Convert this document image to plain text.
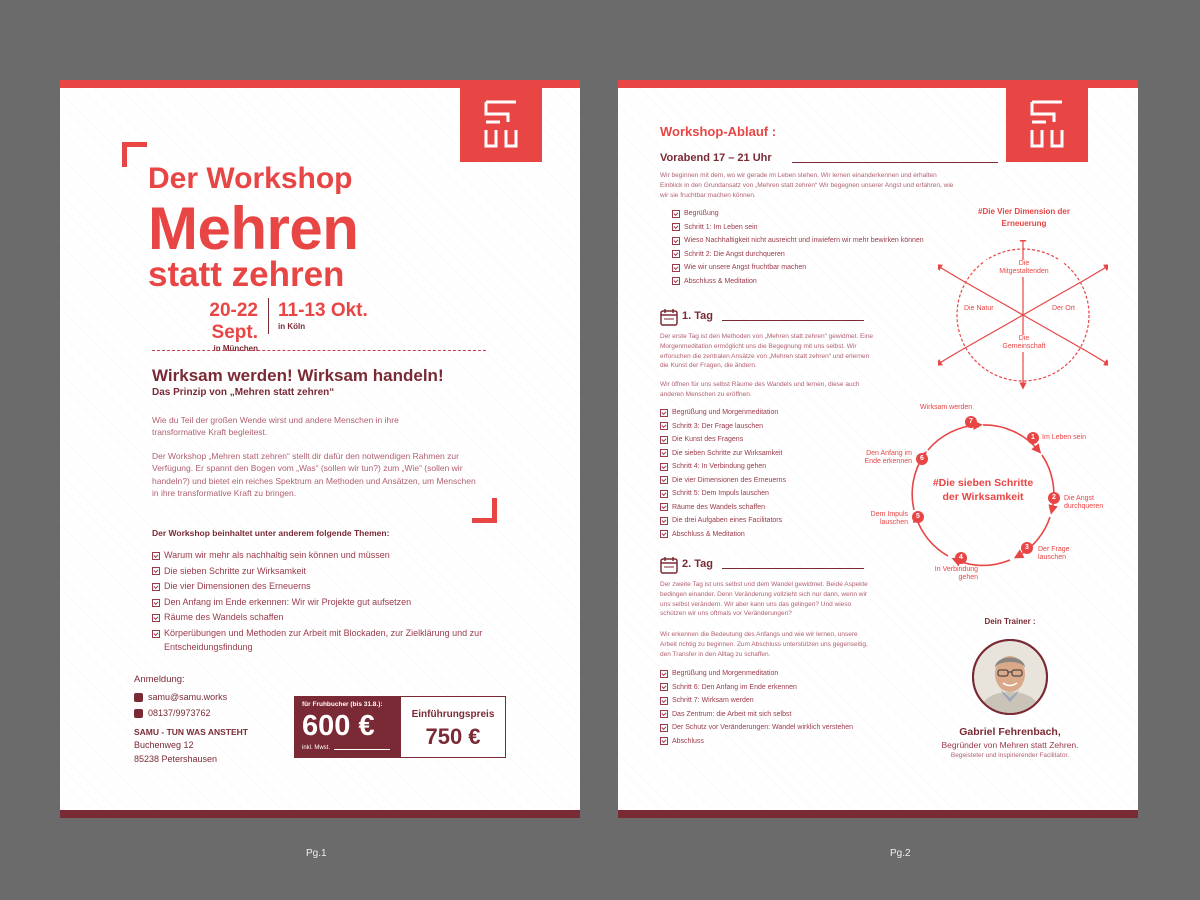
Der Workshop
Mehren
statt zehren
20-22 Sept.
in München
11-13 Okt.
in Köln
Wirksam werden! Wirksam handeln!
Das Prinzip von „Mehren statt zehren“
Wie du Teil der großen Wende wirst und andere Menschen in ihre transformative Kraft begleitest.
Der Workshop „Mehren statt zehren“ stellt dir dafür den notwendigen Rahmen zur Verfügung. Er spannt den Bogen vom „Was“ (sollen wir tun?) zum „Wie“ (sollen wir handeln?) und bietet ein reiches Spektrum an Methoden und Ansätzen, um Menschen in ihre transformative Kraft zu bringen.
Der Workshop beinhaltet unter anderem folgende Themen:
Warum wir mehr als nachhaltig sein können und müssen
Die sieben Schritte zur Wirksamkeit
Die vier Dimensionen des Erneuerns
Den Anfang im Ende erkennen: Wir wir Projekte gut aufsetzen
Räume des Wandels schaffen
Körperübungen und Methoden zur Arbeit mit Blockaden, zur Zielklärung und zur
Entscheidungsfindung
Anmeldung:
samu@samu.works
08137/9973762
SAMU - TUN WAS ANSTEHT
Buchenweg 12
85238 Petershausen
für Fruhbucher (bis 31.8.):
600 €
inkl. Mwst.
Einführungspreis
750 €
Workshop-Ablauf :
Vorabend 17 – 21 Uhr
Wir beginnen mit dem, wo wir gerade im Leben stehen. Wir lernen einanderkennen und erhalten Einblick in den Grundansatz von „Mehren statt zehren“ Wir begegnen unserer Angst und erfahren, wie wir sie fruchtbar machen können.
Begrüßung
Schritt 1: Im Leben sein
Wieso Nachhaltigkeit nicht ausreicht und inwiefern wir mehr bewirken können
Schritt 2: Die Angst durchqueren
Wie wir unsere Angst fruchtbar machen
Abschluss & Meditation
1. Tag
Der erste Tag ist den Methoden von „Mehren statt zehren“ gewidmet. Eine Morgenmeditation ermöglicht uns die Begegnung mit uns selbst. Wir erforschen die zentralen Ansätze von „Mehren statt zehren“ und erlernen die Kunst der Fragen, die ändern.
Wir öffnen für uns selbst Räume des Wandels und lernen, diese auch anderen Menschen zu eröffnen.
Begrüßung und Morgenmeditation
Schritt 3: Der Frage lauschen
Die Kunst des Fragens
Die sieben Schritte zur Wirksamkeit
Schritt 4: In Verbindung gehen
Die vier Dimensionen des Erneuerns
Schritt 5: Dem Impuls lauschen
Räume des Wandels schaffen
Die drei Aufgaben eines Facilitators
Abschluss & Meditation
2. Tag
Der zweite Tag ist uns selbst und dem Wandel gewidmet. Beide Aspekte bedingen einander. Denn Veränderung vollzieht sich nur dann, wenn wir uns selbst verändern. Wir aber kann uns das gelingen? Und wieso schützen wir uns oftmals vor Veränderungen?
Wir erkennen die Bedeutung des Anfangs und wie wir lernen, unsere Arbeit richtig zu beginnen. Zum Abschluss unterstützen uns gegenseitig, den Transfer in den Alltag zu schaffen.
Begrüßung und Morgenmeditation
Schritt 6: Den Anfang im Ende erkennen
Schritt 7: Wirksam werden
Das Zentrum: die Arbeit mit sich selbst
Der Schutz vor Veränderungen: Wandel wirklich verstehen
Abschluss
#Die Vier Dimension der
Erneuerung
Die
Mitgestaltenden
Die Natur	Der Ort
Die
Gemeinschaft
#Die sieben Schritte
der Wirksamkeit
1	Im Leben sein
2	Die Angst
durchqueren
3	Der Frage
lauschen
4
In Verbindung
gehen
5
Dem Impuls
lauschen
6
Den Anfang im
Ende erkennen
7
Wirksam werden
Dein Trainer :
Gabriel Fehrenbach,
Begründer von Mehren statt Zehren.
Begeisteter und inspirierender Facilitator.
Pg.1	Pg.2
